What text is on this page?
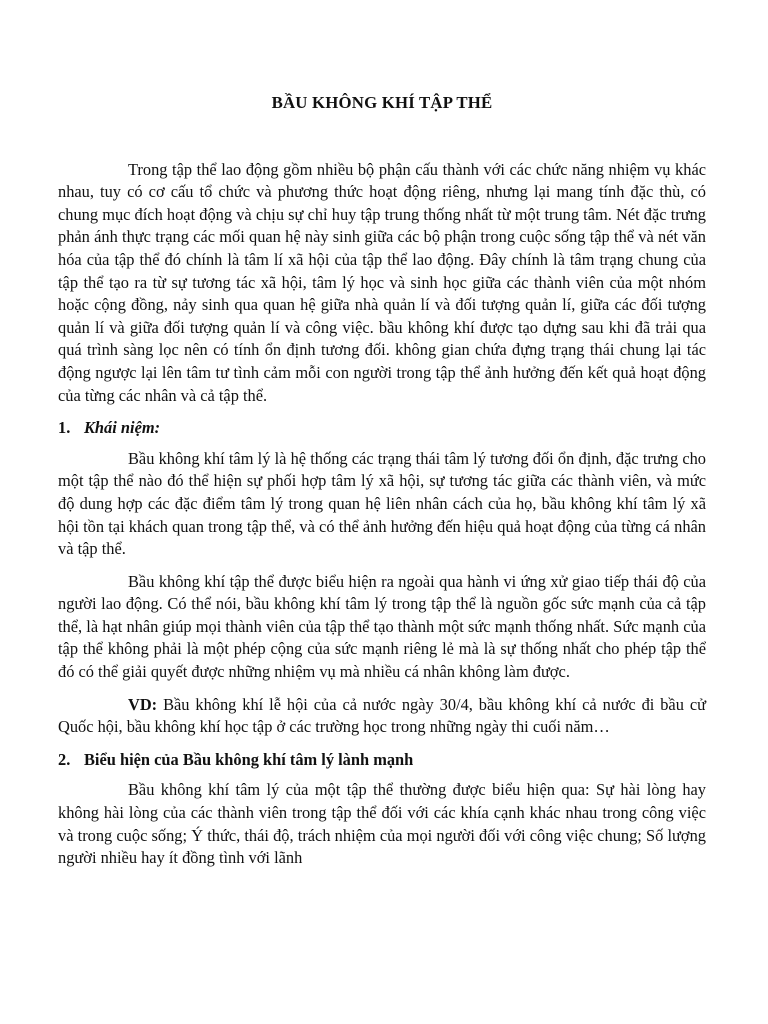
BẦU KHÔNG KHÍ TẬP THỂ

Trong tập thể lao động gồm nhiều bộ phận cấu thành với các chức năng nhiệm vụ khác nhau, tuy có cơ cấu tổ chức và phương thức hoạt động riêng, nhưng lại mang tính đặc thù, có chung mục đích hoạt động và chịu sự chỉ huy tập trung thống nhất từ một trung tâm. Nét đặc trưng phản ánh thực trạng các mối quan hệ này sinh giữa các bộ phận trong cuộc sống tập thể và nét văn hóa của tập thể đó chính là tâm lí xã hội của tập thể lao động. Đây chính là tâm trạng chung của tập thể tạo ra từ sự tương tác xã hội, tâm lý học và sinh học giữa các thành viên của một nhóm hoặc cộng đồng, nảy sinh qua quan hệ giữa nhà quản lí và đối tượng quản lí, giữa các đối tượng quản lí và giữa đối tượng quản lí và công việc. bầu không khí được tạo dựng sau khi đã trải qua quá trình sàng lọc nên có tính ổn định tương đối. không gian chứa đựng trạng thái chung lại tác động ngược lại lên tâm tư tình cảm mỗi con người trong tập thể ảnh hưởng đến kết quả hoạt động của từng các nhân và cả tập thể.

1. Khái niệm:

Bầu không khí tâm lý là hệ thống các trạng thái tâm lý tương đối ổn định, đặc trưng cho một tập thể nào đó thể hiện sự phối hợp tâm lý xã hội, sự tương tác giữa các thành viên, và mức độ dung hợp các đặc điểm tâm lý trong quan hệ liên nhân cách của họ, bầu không khí tâm lý xã hội tồn tại khách quan trong tập thể, và có thể ảnh hưởng đến hiệu quả hoạt động của từng cá nhân và tập thể.

Bầu không khí tập thể được biểu hiện ra ngoài qua hành vi ứng xử giao tiếp thái độ của người lao động. Có thể nói, bầu không khí tâm lý trong tập thể là nguồn gốc sức mạnh của cả tập thể, là hạt nhân giúp mọi thành viên của tập thể tạo thành một sức mạnh thống nhất. Sức mạnh của tập thể không phải là một phép cộng của sức mạnh riêng lẻ mà là sự thống nhất cho phép tập thể đó có thể giải quyết được những nhiệm vụ mà nhiều cá nhân không làm được.

VD: Bầu không khí lễ hội của cả nước ngày 30/4, bầu không khí cả nước đi bầu cử Quốc hội, bầu không khí học tập ở các trường học trong những ngày thi cuối năm…

2. Biểu hiện của Bầu không khí tâm lý lành mạnh

Bầu không khí tâm lý của một tập thể thường được biểu hiện qua: Sự hài lòng hay không hài lòng của các thành viên trong tập thể đối với các khía cạnh khác nhau trong công việc và trong cuộc sống; Ý thức, thái độ, trách nhiệm của mọi người đối với công việc chung; Số lượng người nhiều hay ít đồng tình với lãnh
